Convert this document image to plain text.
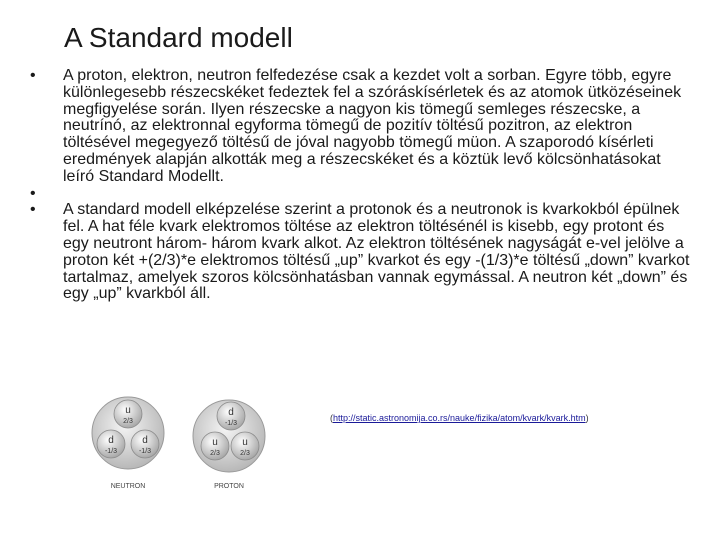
A Standard modell
• A proton, elektron, neutron felfedezése csak a kezdet volt a sorban. Egyre több, egyre különlegesebb részecskéket fedeztek fel a szóráskísérletek és az atomok ütközéseinek megfigyelése során. Ilyen részecske a nagyon kis tömegű semleges részecske, a neutrínó, az elektronnal egyforma tömegű de pozitív töltésű pozitron, az elektron töltésével megegyező töltésű de jóval nagyobb tömegű müon. A szaporodó kísérleti eredmények alapján alkották meg a részecskéket és a köztük levő kölcsönhatásokat leíró Standard Modellt.
•
• A standard modell elképzelése szerint a protonok és a neutronok is kvarkokból épülnek fel. A hat féle kvark elektromos töltése az elektron töltésénél is kisebb, egy protont és egy neutront három- három kvark alkot. Az elektron töltésének nagyságát e-vel jelölve a proton két +(2/3)*e elektromos töltésű „up” kvarkot és egy -(1/3)*e töltésű „down” kvarkot tartalmaz, amelyek szoros kölcsönhatásban vannak egymással. A neutron két „down” és egy „up” kvarkból áll.
u
2/3
d
-1/3
d
-1/3
NEUTRON
d
-1/3
u
2/3
u
2/3
PROTON
(http://static.astronomija.co.rs/nauke/fizika/atom/kvark/kvark.htm)
